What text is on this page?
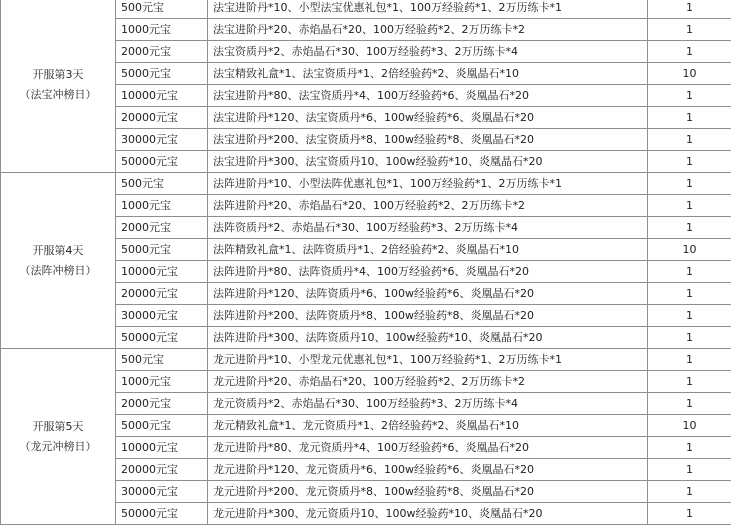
开服第3天
（法宝冲榜日）	500元宝	法宝进阶丹*10、小型法宝优惠礼包*1、100万经验药*1、2万历练卡*1	1
	1000元宝	法宝进阶丹*20、赤焰晶石*20、100万经验药*2、2万历练卡*2	1
	2000元宝	法宝资质丹*2、赤焰晶石*30、100万经验药*3、2万历练卡*4	1
	5000元宝	法宝精致礼盒*1、法宝资质丹*1、2倍经验药*2、炎凰晶石*10	10
	10000元宝	法宝进阶丹*80、法宝资质丹*4、100万经验药*6、炎凰晶石*20	1
	20000元宝	法宝进阶丹*120、法宝资质丹*6、100w经验药*6、炎凰晶石*20	1
	30000元宝	法宝进阶丹*200、法宝资质丹*8、100w经验药*8、炎凰晶石*20	1
	50000元宝	法宝进阶丹*300、法宝资质丹10、100w经验药*10、炎凰晶石*20	1

开服第4天
（法阵冲榜日）	500元宝	法阵进阶丹*10、小型法阵优惠礼包*1、100万经验药*1、2万历练卡*1	1
	1000元宝	法阵进阶丹*20、赤焰晶石*20、100万经验药*2、2万历练卡*2	1
	2000元宝	法阵资质丹*2、赤焰晶石*30、100万经验药*3、2万历练卡*4	1
	5000元宝	法阵精致礼盒*1、法阵资质丹*1、2倍经验药*2、炎凰晶石*10	10
	10000元宝	法阵进阶丹*80、法阵资质丹*4、100万经验药*6、炎凰晶石*20	1
	20000元宝	法阵进阶丹*120、法阵资质丹*6、100w经验药*6、炎凰晶石*20	1
	30000元宝	法阵进阶丹*200、法阵资质丹*8、100w经验药*8、炎凰晶石*20	1
	50000元宝	法阵进阶丹*300、法阵资质丹10、100w经验药*10、炎凰晶石*20	1

开服第5天
（龙元冲榜日）	500元宝	龙元进阶丹*10、小型龙元优惠礼包*1、100万经验药*1、2万历练卡*1	1
	1000元宝	龙元进阶丹*20、赤焰晶石*20、100万经验药*2、2万历练卡*2	1
	2000元宝	龙元资质丹*2、赤焰晶石*30、100万经验药*3、2万历练卡*4	1
	5000元宝	龙元精致礼盒*1、龙元资质丹*1、2倍经验药*2、炎凰晶石*10	10
	10000元宝	龙元进阶丹*80、龙元资质丹*4、100万经验药*6、炎凰晶石*20	1
	20000元宝	龙元进阶丹*120、龙元资质丹*6、100w经验药*6、炎凰晶石*20	1
	30000元宝	龙元进阶丹*200、龙元资质丹*8、100w经验药*8、炎凰晶石*20	1
	50000元宝	龙元进阶丹*300、龙元资质丹10、100w经验药*10、炎凰晶石*20	1
